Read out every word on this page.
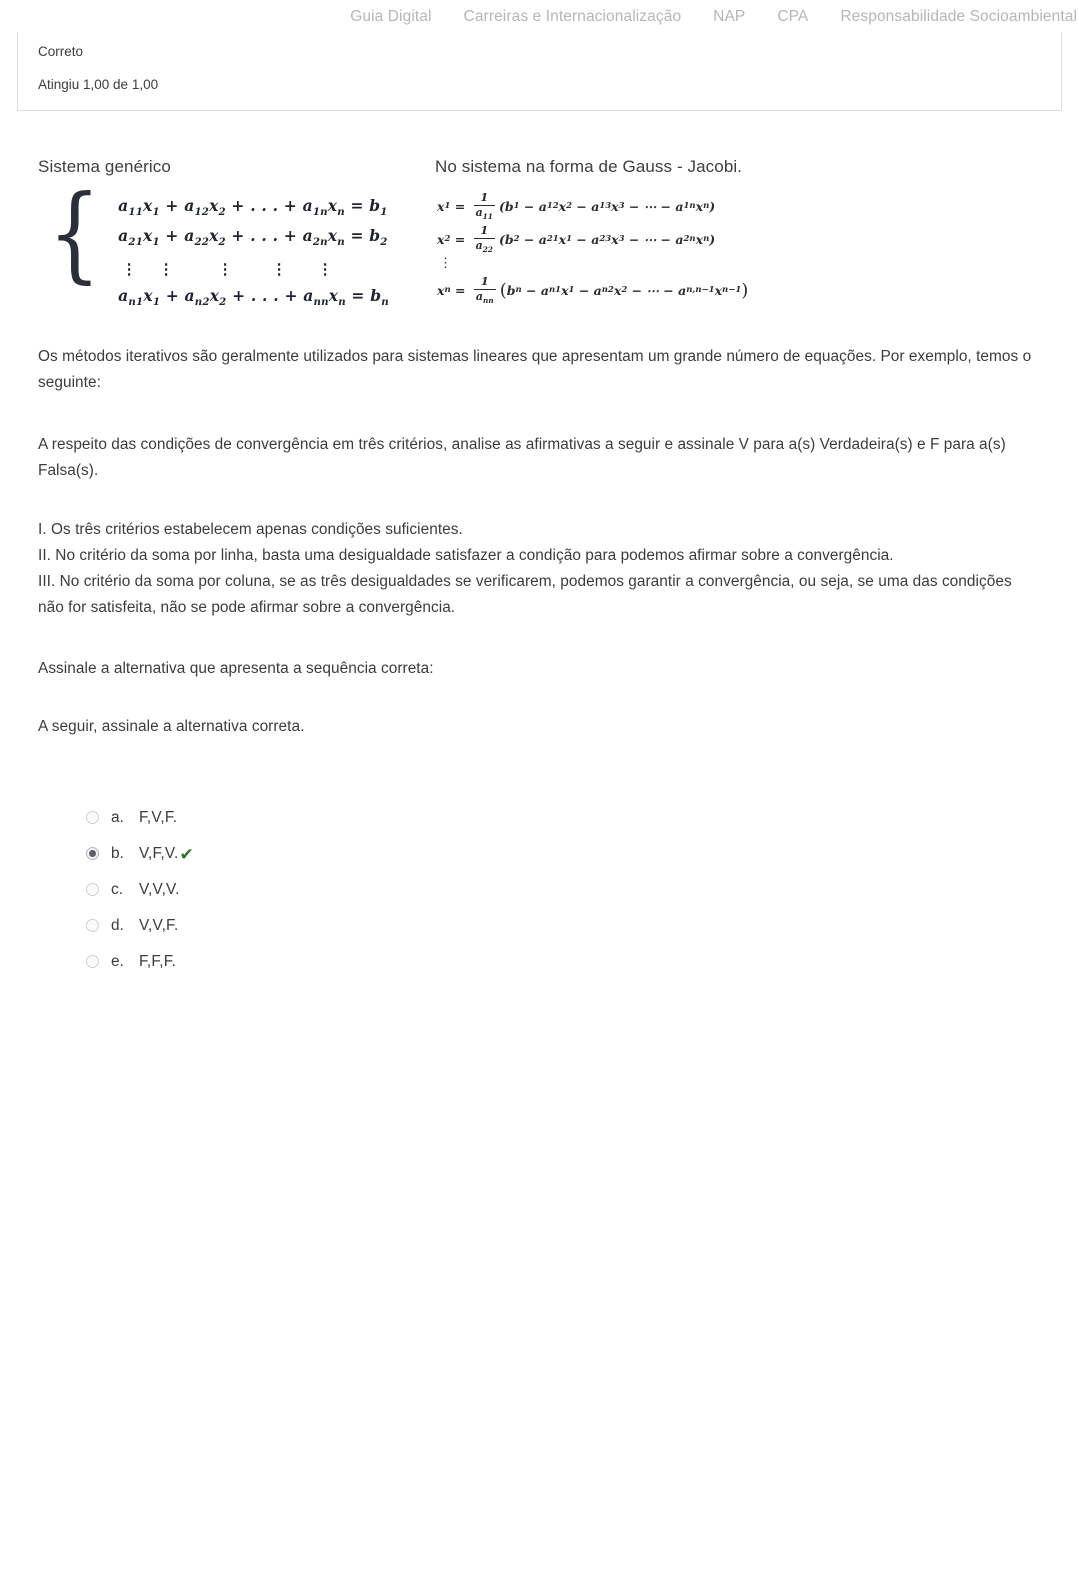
Guia Digital Carreiras e Internacionalização NAP CPA Responsabilidade Socioambiental
Correto
Atingiu 1,00 de 1,00
Sistema genérico
{ $a_{11}x_1 + a_{12}x_2$ + . . . + $a_{1n}x_n = b_1$
$a_{21}x_1 + a_{22}x_2$ + . . . + $a_{2n}x_n = b_2$
⋮	⋮	⋮	⋮	⋮
$a_{n1}x_1 + a_{n2}x_2$ + . . . + $a_{nn}x_n = b_n$
No sistema na forma de Gauss - Jacobi.
x $1 = \frac{1}{a_{11}} (b$ 1 − a 12 x 2 − a 13 x 3 − ⋯ − a 1n x n )
x $2 = \frac{1}{a_{22}} (b$ 2 − a 21 x 1 − a 23 x 3 − ⋯ − a 2n x n )
⋮
x $n = \frac{1}{a_{nn}}$ ( b n − a n1 x 1 − a n2 x 2 − ⋯ − a n,n−1 x n−1 )

Os métodos iterativos são geralmente utilizados para sistemas lineares que apresentam um grande número de equações. Por exemplo, temos o seguinte:

A respeito das condições de convergência em três critérios, analise as afirmativas a seguir e assinale V para a(s) Verdadeira(s) e F para a(s) Falsa(s).

I. Os três critérios estabelecem apenas condições suficientes.
II. No critério da soma por linha, basta uma desigualdade satisfazer a condição para podemos afirmar sobre a convergência.
III. No critério da soma por coluna, se as três desigualdades se verificarem, podemos garantir a convergência, ou seja, se uma das condições não for satisfeita, não se pode afirmar sobre a convergência.

Assinale a alternativa que apresenta a sequência correta:

A seguir, assinale a alternativa correta.

a. F,V,F.
b. V,F,V. ✔
c.	V,V,V.
d. V,V,F.
e. F,F,F.
